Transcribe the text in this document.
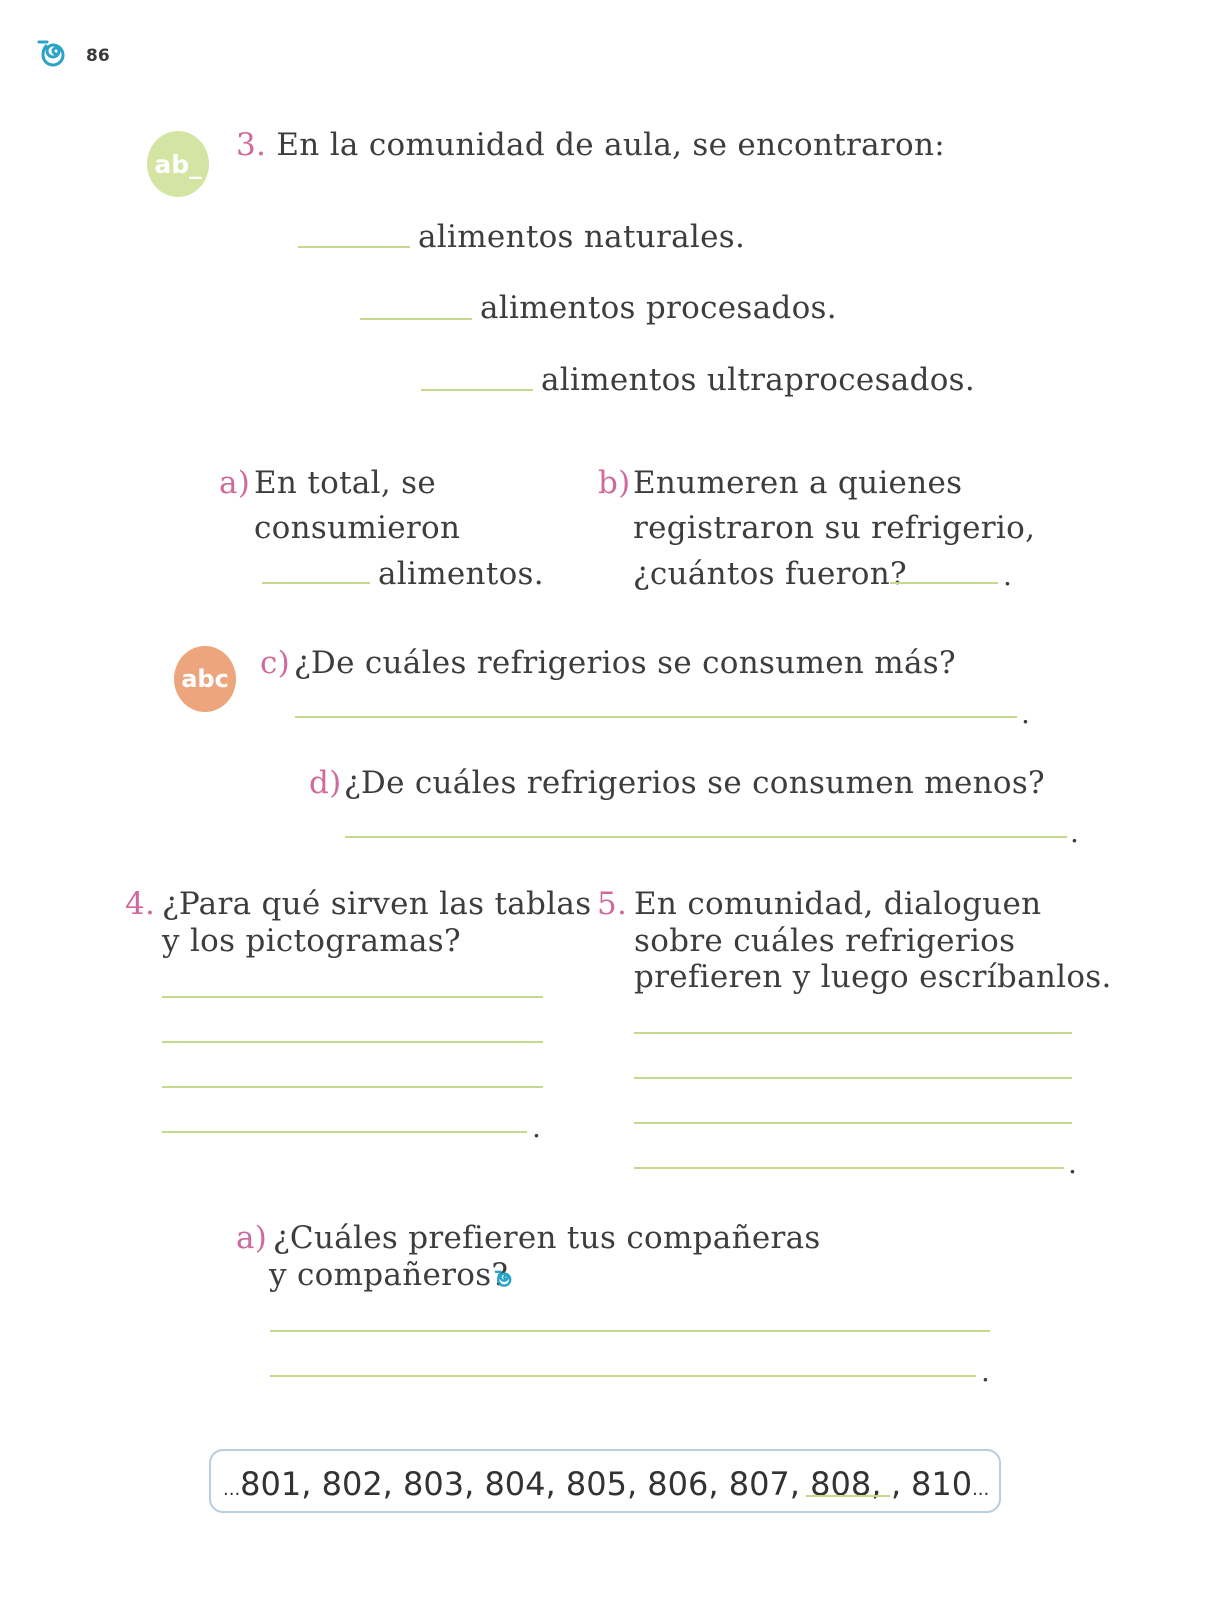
86
ab_
3. En la comunidad de aula, se encontraron:
alimentos naturales.
alimentos procesados.
alimentos ultraprocesados.
a) En total, se
consumieron
alimentos.
b) Enumeren a quienes
registraron su refrigerio,
¿cuántos fueron?	.
abc c) ¿De cuáles refrigerios se consumen más?
.
d) ¿De cuáles refrigerios se consumen menos?
.
4. ¿Para qué sirven las tablas
y los pictogramas?
.
5. En comunidad, dialoguen
sobre cuáles refrigerios
prefieren y luego escríbanlos.
.
a) ¿Cuáles prefieren tus compañeras
y compañeros?
.
...801, 802, 803, 804, 805, 806, 807, 808, , 810...
